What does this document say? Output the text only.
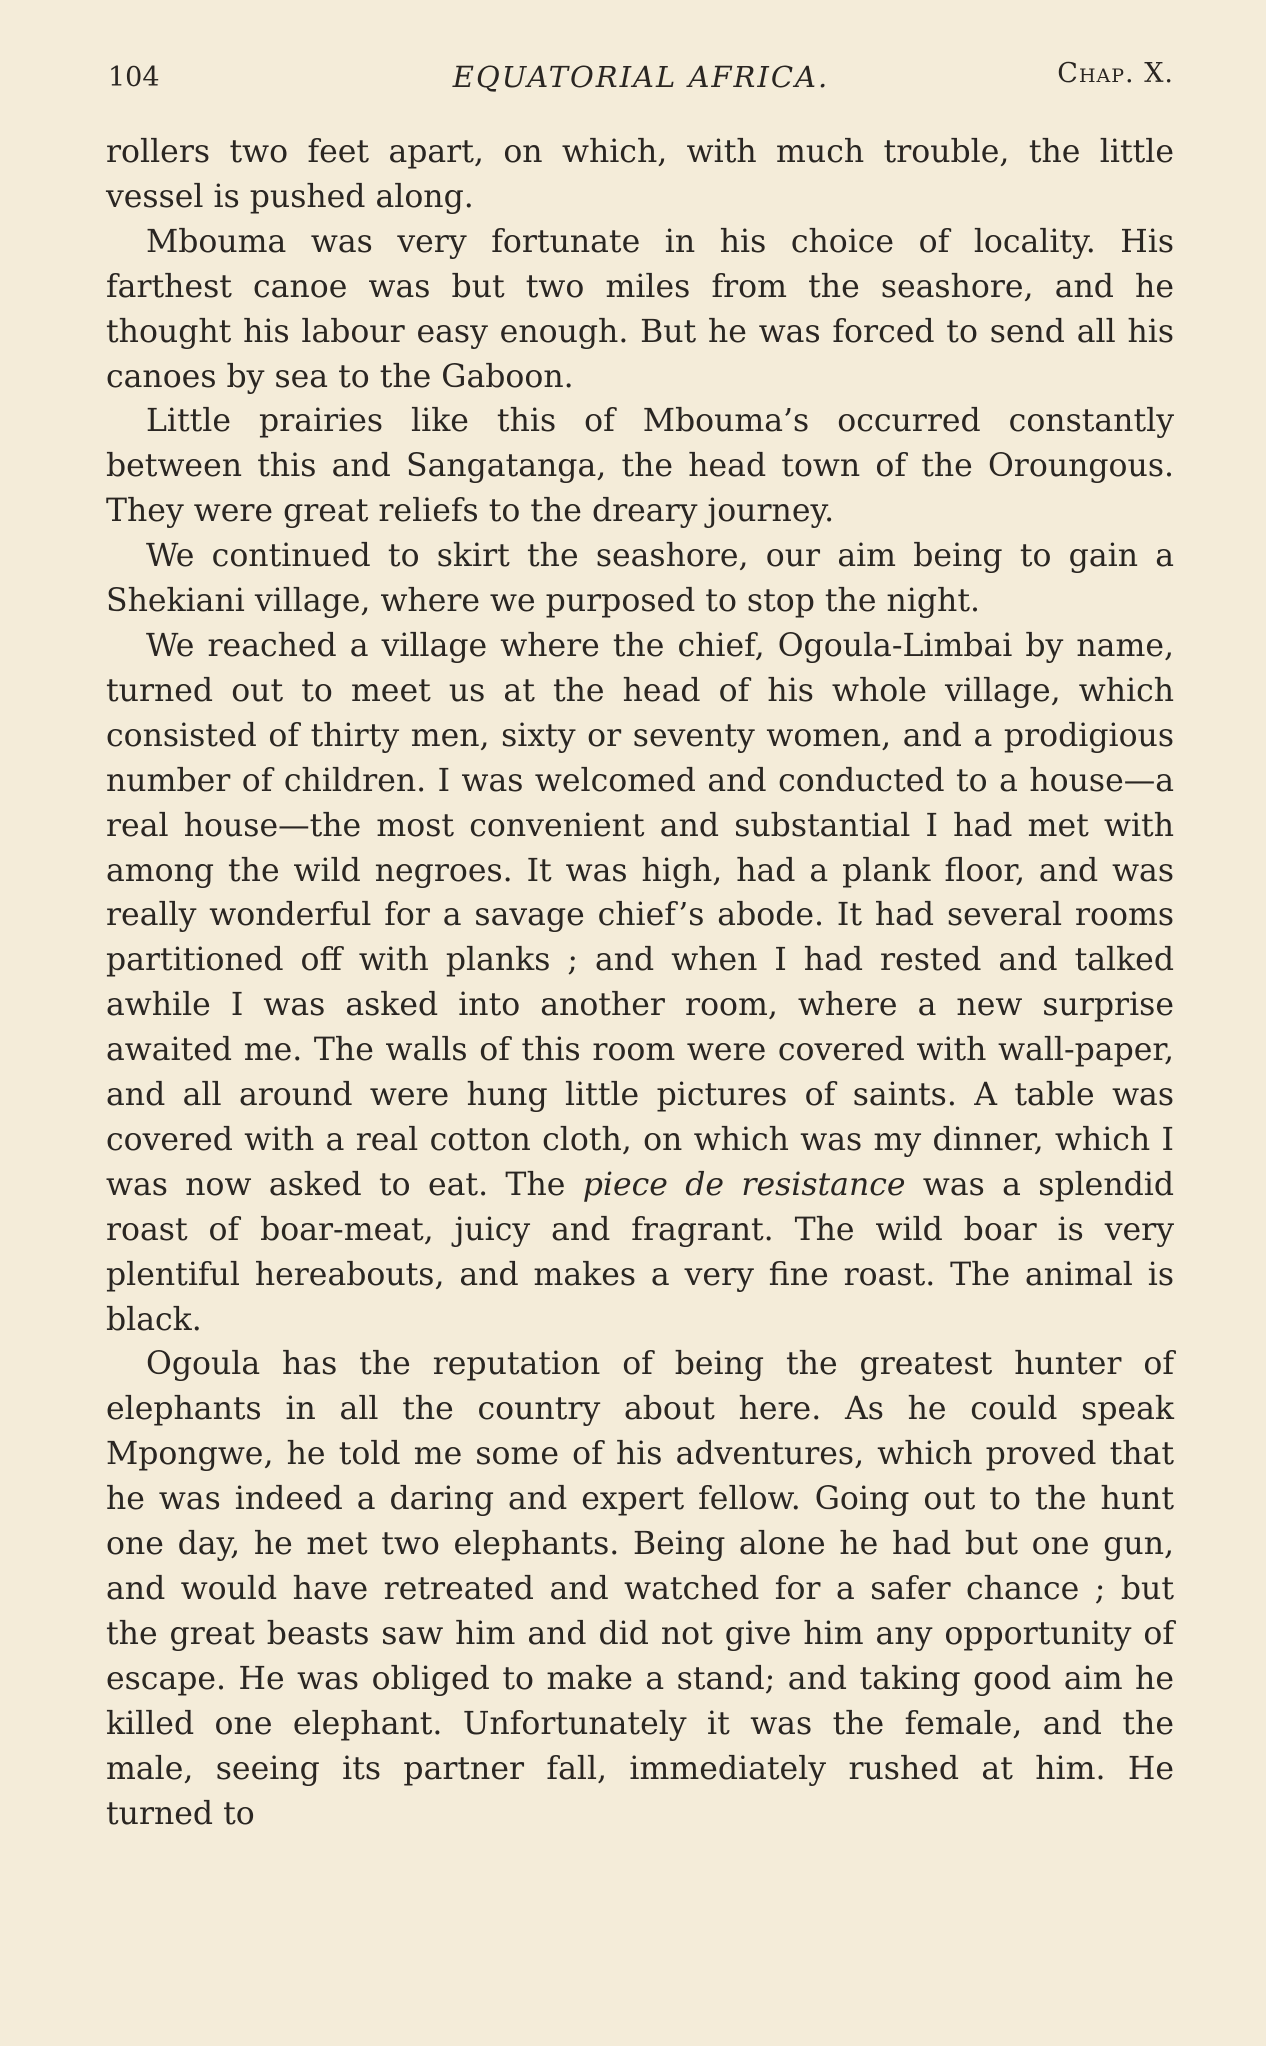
104	EQUATORIAL AFRICA.	Chap. X.

rollers two feet apart, on which, with much trouble, the little vessel is pushed along.

Mbouma was very fortunate in his choice of locality. His farthest canoe was but two miles from the seashore, and he thought his labour easy enough. But he was forced to send all his canoes by sea to the Gaboon.

Little prairies like this of Mbouma’s occurred constantly between this and Sangatanga, the head town of the Oroungous. They were great reliefs to the dreary journey.

We continued to skirt the seashore, our aim being to gain a Shekiani village, where we purposed to stop the night.

We reached a village where the chief, Ogoula-Limbai by name, turned out to meet us at the head of his whole village, which consisted of thirty men, sixty or seventy women, and a prodigious number of children. I was welcomed and conducted to a house—a real house—the most convenient and substantial I had met with among the wild negroes. It was high, had a plank floor, and was really wonderful for a savage chief’s abode. It had several rooms partitioned off with planks ; and when I had rested and talked awhile I was asked into another room, where a new surprise awaited me. The walls of this room were covered with wall-paper, and all around were hung little pictures of saints. A table was covered with a real cotton cloth, on which was my dinner, which I was now asked to eat. The piece de resistance was a splendid roast of boar-meat, juicy and fragrant. The wild boar is very plentiful hereabouts, and makes a very fine roast. The animal is black.

Ogoula has the reputation of being the greatest hunter of elephants in all the country about here. As he could speak Mpongwe, he told me some of his adventures, which proved that he was indeed a daring and expert fellow. Going out to the hunt one day, he met two elephants. Being alone he had but one gun, and would have retreated and watched for a safer chance ; but the great beasts saw him and did not give him any opportunity of escape. He was obliged to make a stand; and taking good aim he killed one elephant. Unfortunately it was the female, and the male, seeing its partner fall, immediately rushed at him. He turned to
